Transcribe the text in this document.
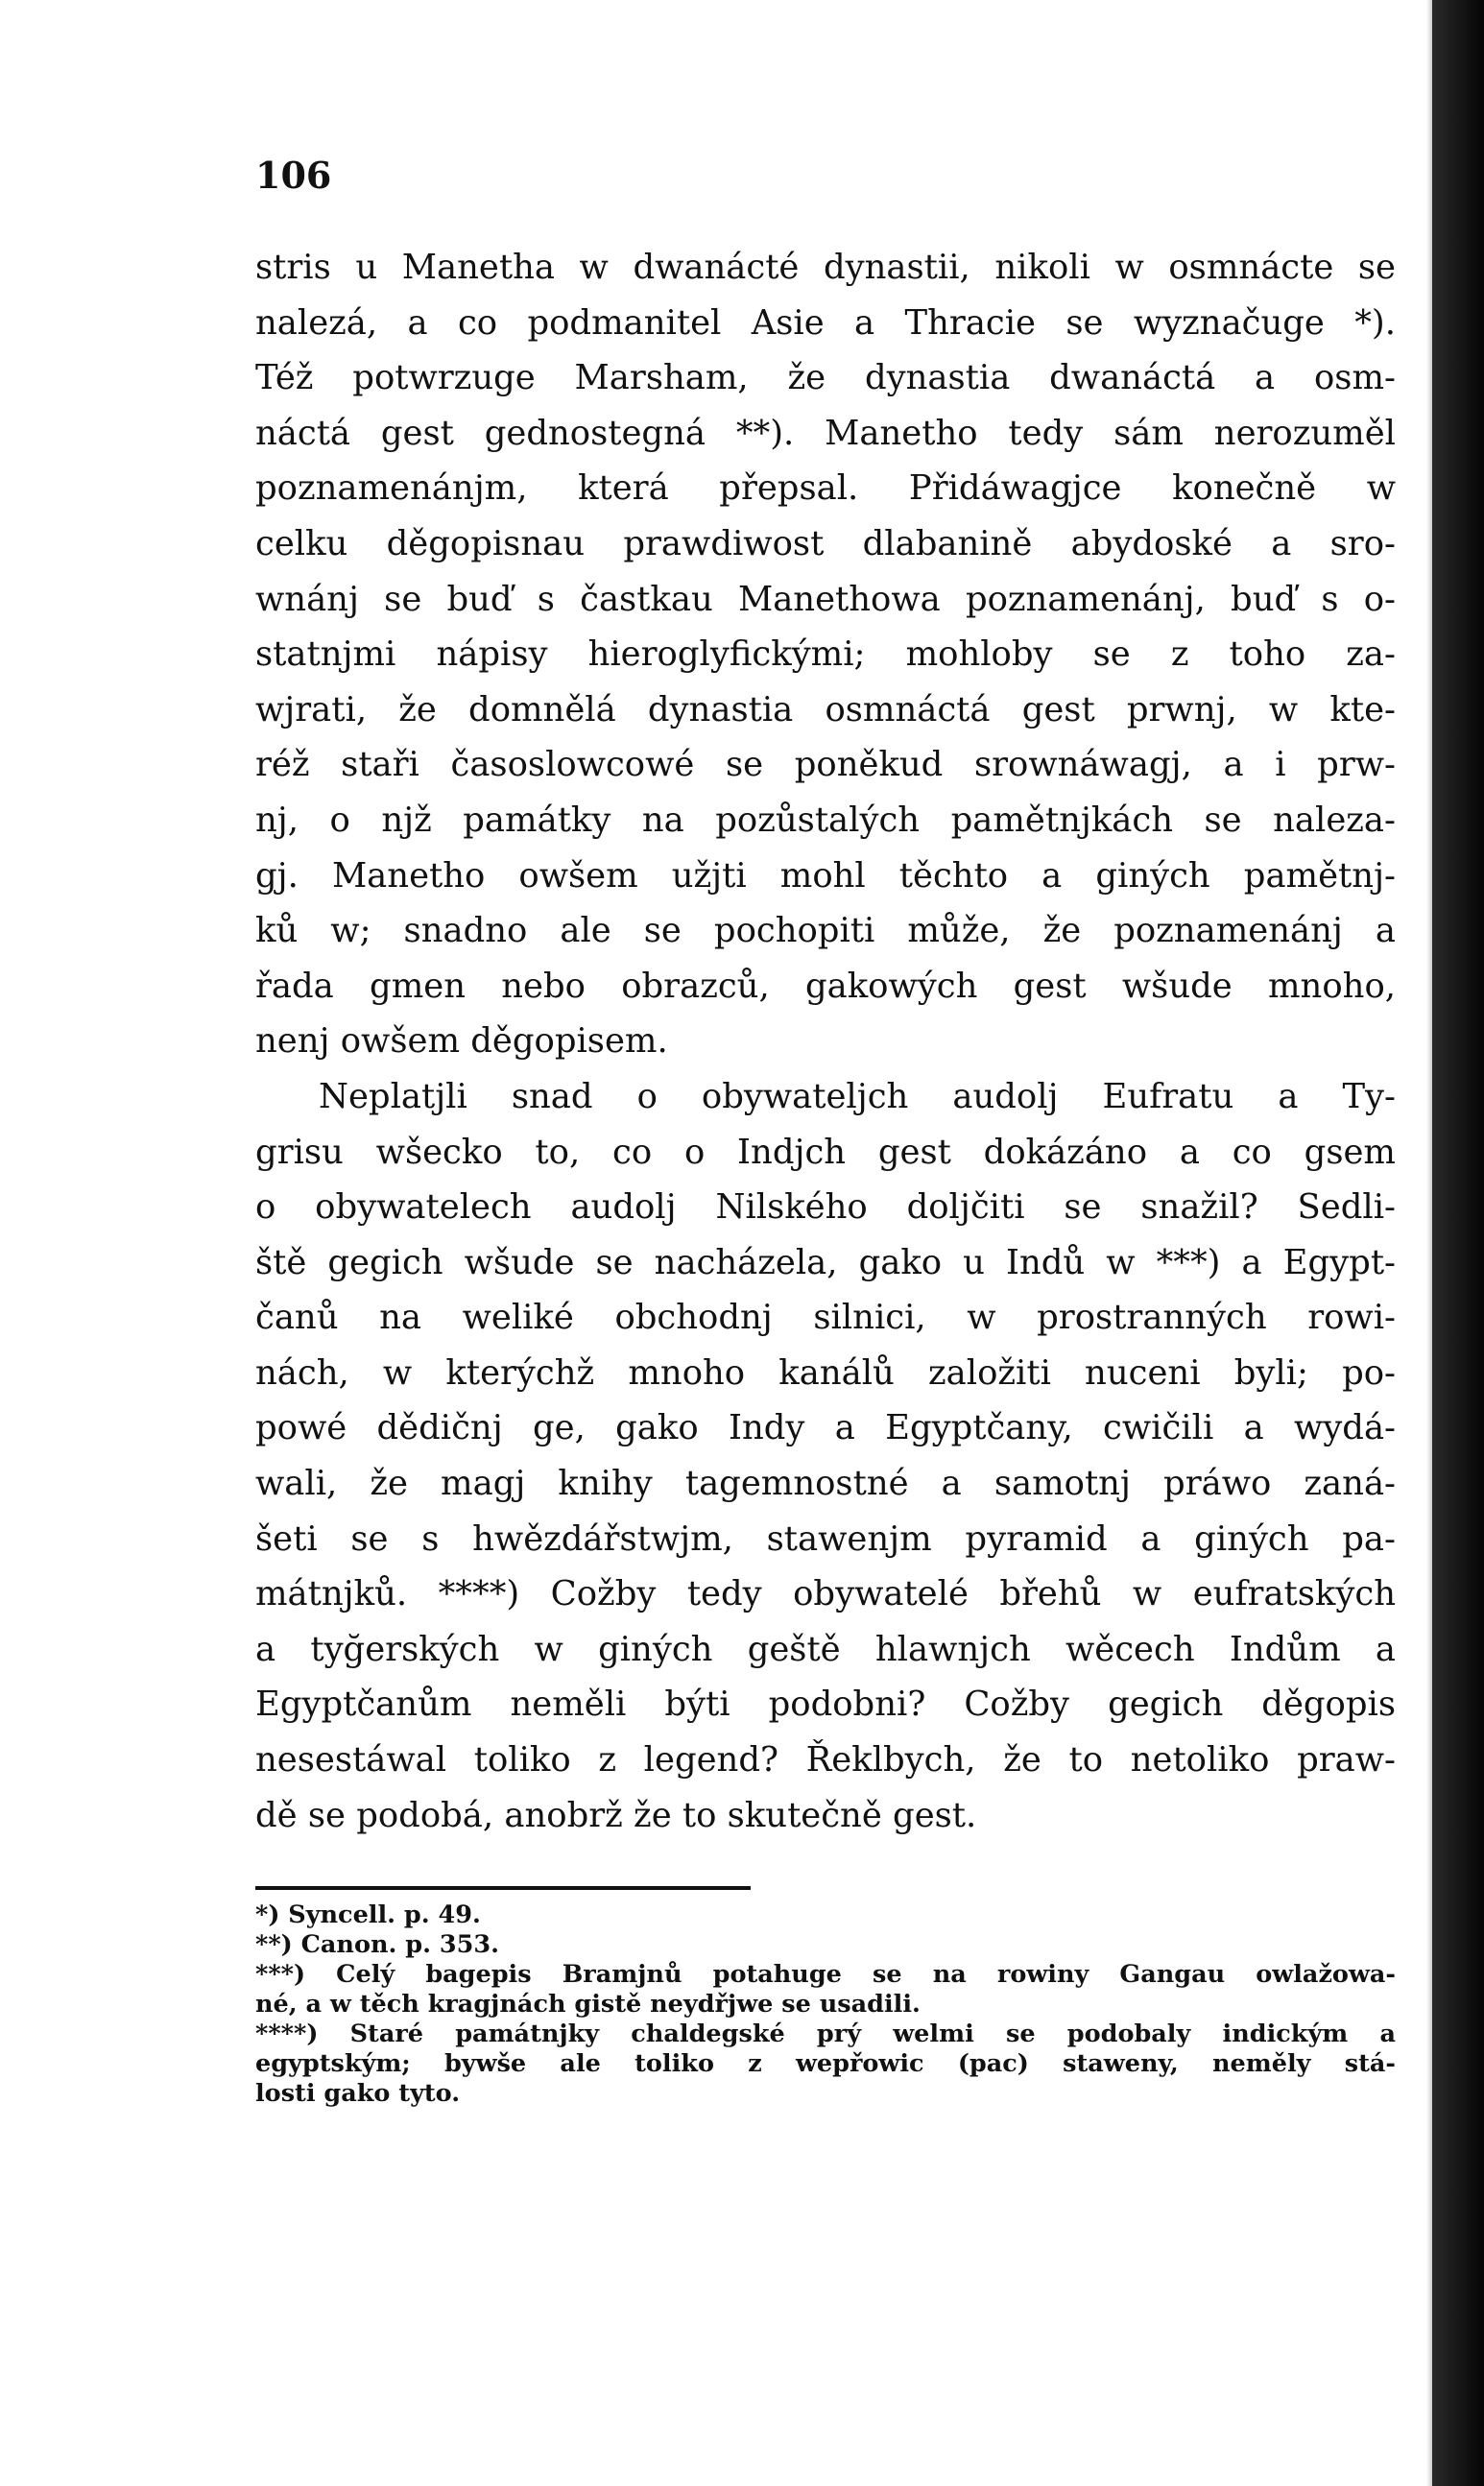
106
stris u Manetha w dwanácté dynastii, nikoli w osmnácte se
nalezá, a co podmanitel Asie a Thracie se wyznačuge *).
Též potwrzuge Marsham, že dynastia dwanáctá a osm-
náctá gest gednostegná **). Manetho tedy sám nerozuměl
poznamenánjm, která přepsal. Přidáwagjce konečně w
celku děgopisnau prawdiwost dlabanině abydoské a sro-
wnánj se buď s častkau Manethowa poznamenánj, buď s o-
statnjmi nápisy hieroglyfickými; mohloby se z toho za-
wjrati, že domnělá dynastia osmnáctá gest prwnj, w kte-
réž staři časoslowcowé se poněkud srownáwagj, a i prw-
nj, o njž památky na pozůstalých pamětnjkách se naleza-
gj. Manetho owšem užjti mohl těchto a giných pamětnj-
ků w; snadno ale se pochopiti může, že poznamenánj a
řada gmen nebo obrazců, gakowých gest wšude mnoho,
nenj owšem děgopisem.
Neplatjli snad o obywateljch audolj Eufratu a Ty-
grisu wšecko to, co o Indjch gest dokázáno a co gsem
o obywatelech audolj Nilského doljčiti se snažil? Sedli-
ště gegich wšude se nacházela, gako u Indů w ***) a Egypt-
čanů na weliké obchodnj silnici, w prostranných rowi-
nách, w kterýchž mnoho kanálů založiti nuceni byli; po-
powé dědičnj ge, gako Indy a Egyptčany, cwičili a wydá-
wali, že magj knihy tagemnostné a samotnj práwo zaná-
šeti se s hwězdářstwjm, stawenjm pyramid a giných pa-
mátnjků. ****) Cožby tedy obywatelé břehů w eufratských
a tyğerských w giných geště hlawnjch wěcech Indům a
Egyptčanům neměli býti podobni? Cožby gegich děgopis
nesestáwal toliko z legend? Řeklbych, že to netoliko praw-
dě se podobá, anobrž že to skutečně gest.
*) Syncell. p. 49.
**) Canon. p. 353.
***) Celý bagepis Bramjnů potahuge se na rowiny Gangau owlažowa-
né, a w těch kragjnách gistě neydřjwe se usadili.
****) Staré památnjky chaldegské prý welmi se podobaly indickým a
egyptským; bywše ale toliko z wepřowic (pac) staweny, neměly stá-
losti gako tyto.
